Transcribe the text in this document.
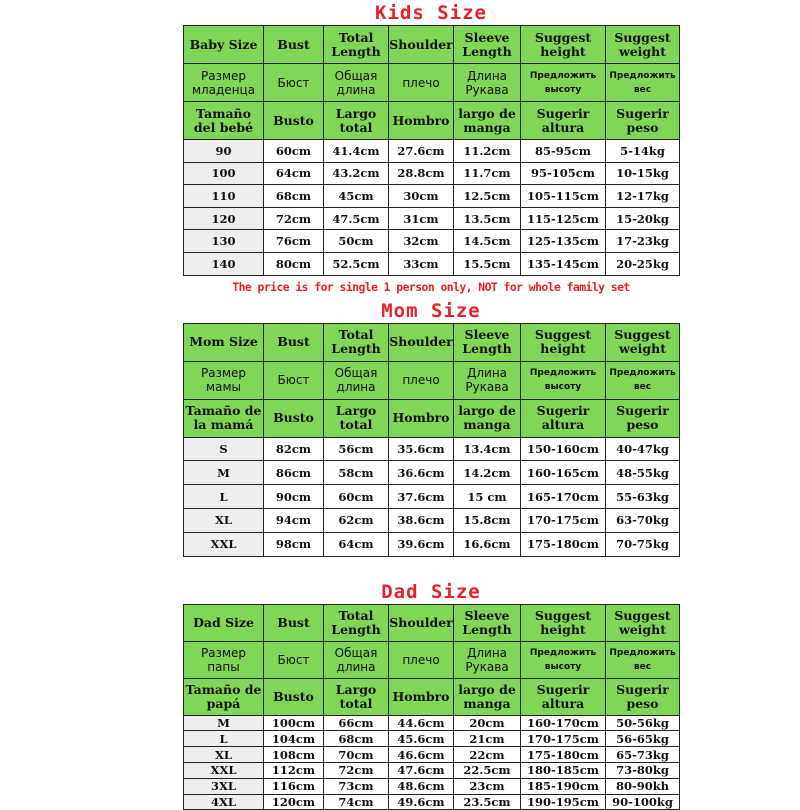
Kids Size
Baby Size	Bust	Total Length	Shoulder	Sleeve Length	Suggest height	Suggest weight
Размер младенца	Бюст	Общая длина	плечо	Длина Рукава	Предложить высоту	Предложить вес
Tamaño del bebé	Busto	Largo total	Hombro	largo de manga	Sugerir altura	Sugerir peso
90	60cm	41.4cm	27.6cm	11.2cm	85-95cm	5-14kg
100	64cm	43.2cm	28.8cm	11.7cm	95-105cm	10-15kg
110	68cm	45cm	30cm	12.5cm	105-115cm	12-17kg
120	72cm	47.5cm	31cm	13.5cm	115-125cm	15-20kg
130	76cm	50cm	32cm	14.5cm	125-135cm	17-23kg
140	80cm	52.5cm	33cm	15.5cm	135-145cm	20-25kg
The price is for single 1 person only, NOT for whole family set
Mom Size
Mom Size	Bust	Total Length	Shoulder	Sleeve Length	Suggest height	Suggest weight
Размер мамы	Бюст	Общая длина	плечо	Длина Рукава	Предложить высоту	Предложить вес
Tamaño de la mamá	Busto	Largo total	Hombro	largo de manga	Sugerir altura	Sugerir peso
S	82cm	56cm	35.6cm	13.4cm	150-160cm	40-47kg
M	86cm	58cm	36.6cm	14.2cm	160-165cm	48-55kg
L	90cm	60cm	37.6cm	15 cm	165-170cm	55-63kg
XL	94cm	62cm	38.6cm	15.8cm	170-175cm	63-70kg
XXL	98cm	64cm	39.6cm	16.6cm	175-180cm	70-75kg
Dad Size
Dad Size	Bust	Total Length	Shoulder	Sleeve Length	Suggest height	Suggest weight
Размер папы	Бюст	Общая длина	плечо	Длина Рукава	Предложить высоту	Предложить вес
Tamaño de papá	Busto	Largo total	Hombro	largo de manga	Sugerir altura	Sugerir peso
M	100cm	66cm	44.6cm	20cm	160-170cm	50-56kg
L	104cm	68cm	45.6cm	21cm	170-175cm	56-65kg
XL	108cm	70cm	46.6cm	22cm	175-180cm	65-73kg
XXL	112cm	72cm	47.6cm	22.5cm	180-185cm	73-80kg
3XL	116cm	73cm	48.6cm	23cm	185-190cm	80-90kh
4XL	120cm	74cm	49.6cm	23.5cm	190-195cm	90-100kg
